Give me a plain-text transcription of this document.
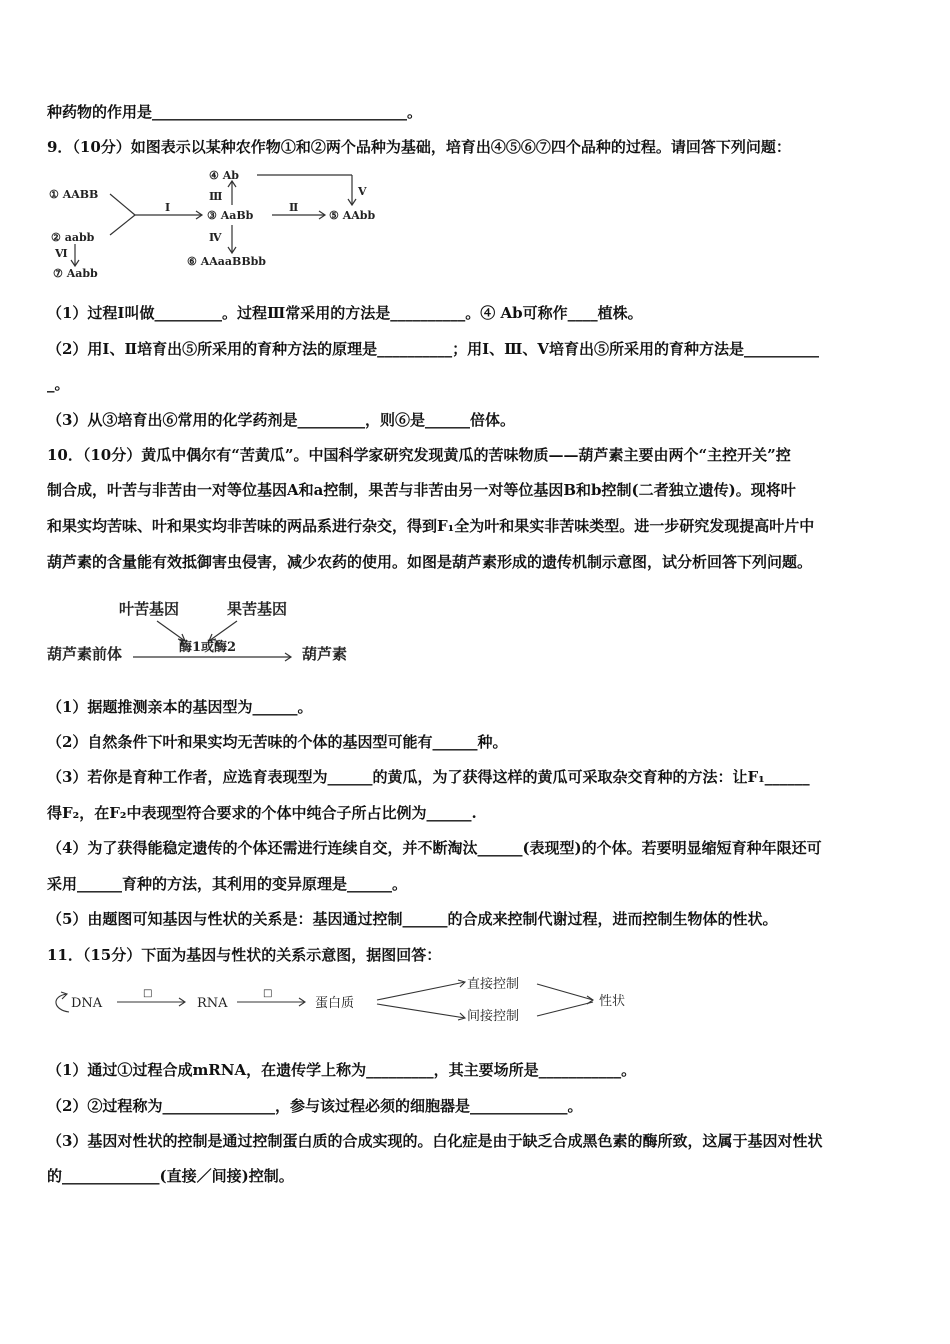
种药物的作用是__________________________________。
9．（10分）如图表示以某种农作物①和②两个品种为基础，培育出④⑤⑥⑦四个品种的过程。请回答下列问题：
① AABB
② aabb
③ AaBb
④ Ab
⑤ AAbb
⑥ AAaaBBbb
⑦ Aabb
Ⅰ	Ⅱ
Ⅲ
Ⅳ
Ⅴ
Ⅵ
（1）过程Ⅰ叫做_________。过程Ⅲ常采用的方法是__________。④ Ab可称作____植株。
（2）用Ⅰ、Ⅱ培育出⑤所采用的育种方法的原理是__________；用Ⅰ、Ⅲ、Ⅴ培育出⑤所采用的育种方法是__________
_。
（3）从③培育出⑥常用的化学药剂是_________，则⑥是______倍体。
10．（10分）黄瓜中偶尔有“苦黄瓜”。中国科学家研究发现黄瓜的苦味物质——葫芦素主要由两个“主控开关”控
制合成，叶苦与非苦由一对等位基因A和a控制，果苦与非苦由另一对等位基因B和b控制(二者独立遗传)。现将叶
和果实均苦味、叶和果实均非苦味的两品系进行杂交，得到F₁全为叶和果实非苦味类型。进一步研究发现提高叶片中
葫芦素的含量能有效抵御害虫侵害，减少农药的使用。如图是葫芦素形成的遗传机制示意图，试分析回答下列问题。
叶苦基因	果苦基因
葫芦素前体	葫芦素
酶1或酶2
（1）据题推测亲本的基因型为______。
（2）自然条件下叶和果实均无苦味的个体的基因型可能有______种。
（3）若你是育种工作者，应选育表现型为______的黄瓜，为了获得这样的黄瓜可采取杂交育种的方法：让F₁______
得F₂，在F₂中表现型符合要求的个体中纯合子所占比例为______.
（4）为了获得能稳定遗传的个体还需进行连续自交，并不断淘汰______(表现型)的个体。若要明显缩短育种年限还可
采用______育种的方法，其利用的变异原理是______。
（5）由题图可知基因与性状的关系是：基因通过控制______的合成来控制代谢过程，进而控制生物体的性状。
11．（15分）下面为基因与性状的关系示意图，据图回答：
DNA
□
RNA
□
蛋白质
直接控制
间接控制
性状
（1）通过①过程合成mRNA，在遗传学上称为_________，其主要场所是___________。
（2）②过程称为_______________，参与该过程必须的细胞器是_____________。
（3）基因对性状的控制是通过控制蛋白质的合成实现的。白化症是由于缺乏合成黑色素的酶所致，这属于基因对性状
的_____________(直接／间接)控制。
